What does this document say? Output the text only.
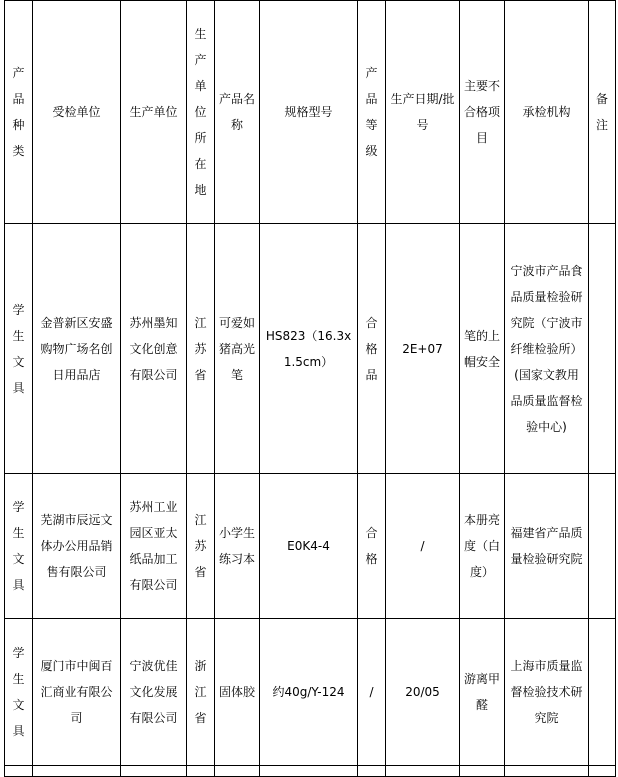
产品种类	受检单位	生产单位	生产单位所在地	产品名称	规格型号	产品等级	生产日期/批号	主要不合格项目	承检机构	备注
学生文具	金普新区安盛购物广场名创日用品店	苏州墨知文化创意有限公司	江苏省	可爱如猪高光笔	HS823（16.3x1.5cm）	合格品	2E+07	笔的上帽安全	宁波市产品食品质量检验研究院（宁波市纤维检验所）(国家文教用品质量监督检验中心)	
学生文具	芜湖市辰远文体办公用品销售有限公司	苏州工业园区亚太纸品加工有限公司	江苏省	小学生练习本	E0K4-4	合格	/	本册亮度（白度）	福建省产品质量检验研究院	
学生文具	厦门市中闽百汇商业有限公司	宁波优佳文化发展有限公司	浙江省	固体胶	约40g/Y-124	/	20/05	游离甲醛	上海市质量监督检验技术研究院	
